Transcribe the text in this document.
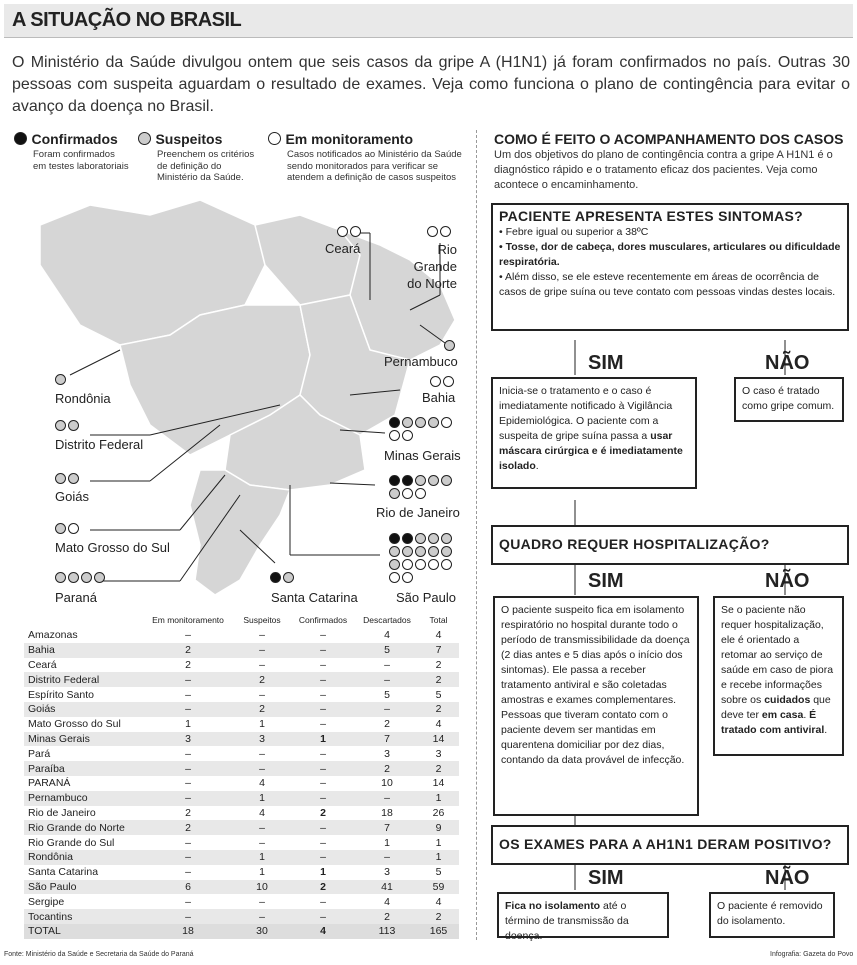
A SITUAÇÃO NO BRASIL
O Ministério da Saúde divulgou ontem que seis casos da gripe A (H1N1) já foram confirmados no país. Outras 30 pessoas com suspeita aguardam o resultado de exames. Veja como funciona o plano de contingência para evitar o avanço da doença no Brasil.
Confirmados
Foram confirmados
em testes laboratoriais
Suspeitos
Preenchem os critérios
de definição do
Ministério da Saúde.
Em monitoramento
Casos notificados ao Ministério da Saúde
sendo monitorados para verificar se
atendem a definição de casos suspeitos
Ceará	Rio Grande
do Norte
Pernambuco
Bahia
Minas Gerais
Rio de Janeiro
São Paulo
Santa Catarina
Paraná
Mato Grosso do Sul
Goiás
Distrito Federal
Rondônia
	Em monitoramento	Suspeitos	Confirmados	Descartados	Total
Amazonas	–	–	–	4	4
Bahia	2	–	–	5	7
Ceará	2	–	–	–	2
Distrito Federal	–	2	–	–	2
Espírito Santo	–	–	–	5	5
Goiás	–	2	–	–	2
Mato Grosso do Sul	1	1	–	2	4
Minas Gerais	3	3	1	7	14
Pará	–	–	–	3	3
Paraíba	–	–	–	2	2
PARANÁ	–	4	–	10	14
Pernambuco	–	1	–	–	1
Rio de Janeiro	2	4	2	18	26
Rio Grande do Norte	2	–	–	7	9
Rio Grande do Sul	–	–	–	1	1
Rondônia	–	1	–	–	1
Santa Catarina	–	1	1	3	5
São Paulo	6	10	2	41	59
Sergipe	–	–	–	4	4
Tocantins	–	–	–	2	2
TOTAL	18	30	4	113	165
Fonte: Ministério da Saúde e Secretaria da Saúde do Paraná
COMO É FEITO O ACOMPANHAMENTO DOS CASOS
Um dos objetivos do plano de contingência contra a gripe A H1N1 é o diagnóstico rápido e o tratamento eficaz dos pacientes. Veja como acontece o encaminhamento.
PACIENTE APRESENTA ESTES SINTOMAS?
• Febre igual ou superior a 38ºC
• Tosse, dor de cabeça, dores musculares, articulares ou dificuldade respiratória.
• Além disso, se ele esteve recentemente em áreas de ocorrência de casos de gripe suína ou teve contato com pessoas vindas destes locais.
SIM	NÃO
Inicia-se o tratamento e o caso é imediatamente notificado à Vigilância Epidemiológica. O paciente com a suspeita de gripe suína passa a usar máscara cirúrgica e é imediatamente isolado.
O caso é tratado como gripe comum.
QUADRO REQUER HOSPITALIZAÇÃO?
SIM	NÃO
O paciente suspeito fica em isolamento respiratório no hospital durante todo o período de transmissibilidade da doença (2 dias antes e 5 dias após o início dos sintomas). Ele passa a receber tratamento antiviral e são coletadas amostras e exames complementares. Pessoas que tiveram contato com o paciente devem ser mantidas em quarentena domiciliar por dez dias, contando da data provável de infecção.
Se o paciente não requer hospitalização, ele é orientado a retomar ao serviço de saúde em caso de piora e recebe informações sobre os cuidados que deve ter em casa. É tratado com antiviral.
OS EXAMES PARA A AH1N1 DERAM POSITIVO?
SIM	NÃO
Fica no isolamento até o término de transmissão da doença.
O paciente é removido do isolamento.
Infografia: Gazeta do Povo
